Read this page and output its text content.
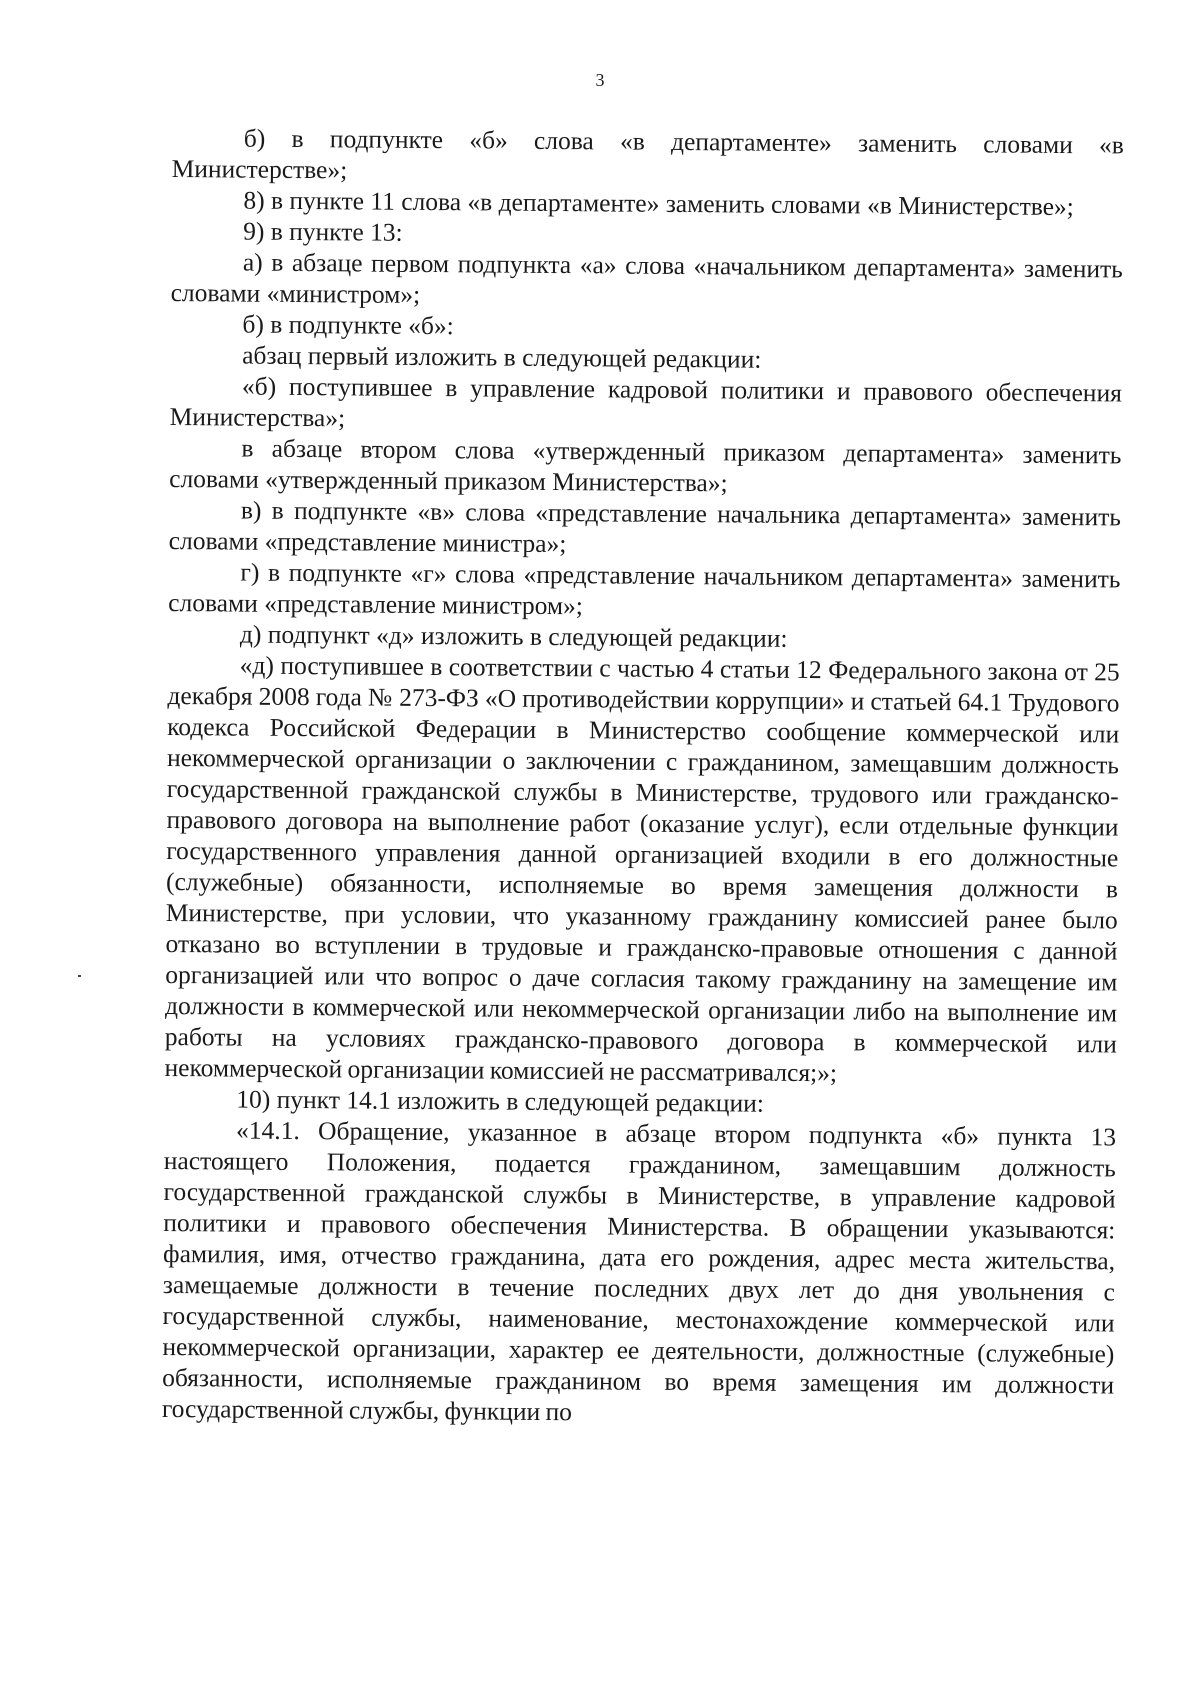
3

б) в подпункте «б» слова «в департаменте» заменить словами «в Министерстве»;

8) в пункте 11 слова «в департаменте» заменить словами «в Министерстве»;

9) в пункте 13:

а) в абзаце первом подпункта «а» слова «начальником департамента» заменить словами «министром»;

б) в подпункте «б»:

абзац первый изложить в следующей редакции:

«б) поступившее в управление кадровой политики и правового обеспечения Министерства»;

в абзаце втором слова «утвержденный приказом департамента» заменить словами «утвержденный приказом Министерства»;

в) в подпункте «в» слова «представление начальника департамента» заменить словами «представление министра»;

г) в подпункте «г» слова «представление начальником департамента» заменить словами «представление министром»;

д) подпункт «д» изложить в следующей редакции:

«д) поступившее в соответствии с частью 4 статьи 12 Федерального закона от 25 декабря 2008 года № 273-ФЗ «О противодействии коррупции» и статьей 64.1 Трудового кодекса Российской Федерации в Министерство сообщение коммерческой или некоммерческой организации о заключении с гражданином, замещавшим должность государственной гражданской службы в Министерстве, трудового или гражданско-правового договора на выполнение работ (оказание услуг), если отдельные функции государственного управления данной организацией входили в его должностные (служебные) обязанности, исполняемые во время замещения должности в Министерстве, при условии, что указанному гражданину комиссией ранее было отказано во вступлении в трудовые и гражданско-правовые отношения с данной организацией или что вопрос о даче согласия такому гражданину на замещение им должности в коммерческой или некоммерческой организации либо на выполнение им работы на условиях гражданско-правового договора в коммерческой или некоммерческой организации комиссией не рассматривался;»;

10) пункт 14.1 изложить в следующей редакции:

«14.1. Обращение, указанное в абзаце втором подпункта «б» пункта 13 настоящего Положения, подается гражданином, замещавшим должность государственной гражданской службы в Министерстве, в управление кадровой политики и правового обеспечения Министерства. В обращении указываются: фамилия, имя, отчество гражданина, дата его рождения, адрес места жительства, замещаемые должности в течение последних двух лет до дня увольнения с государственной службы, наименование, местонахождение коммерческой или некоммерческой организации, характер ее деятельности, должностные (служебные) обязанности, исполняемые гражданином во время замещения им должности государственной службы, функции по
